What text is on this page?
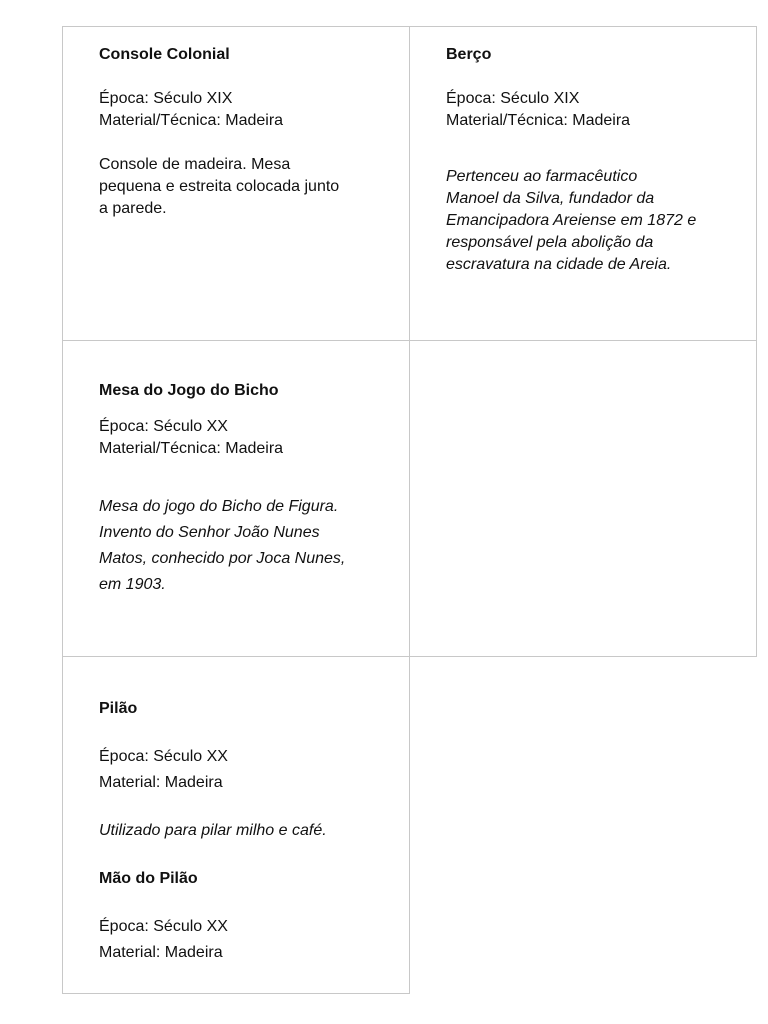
Console Colonial

Época: Século XIX

Material/Técnica: Madeira

Console de madeira. Mesa

pequena e estreita colocada junto

a parede.

Berço

Época: Século XIX

Material/Técnica: Madeira

Pertenceu ao farmacêutico

Manoel da Silva, fundador da

Emancipadora Areiense em 1872 e

responsável pela abolição da

escravatura na cidade de Areia.

Mesa do Jogo do Bicho

Época: Século XX

Material/Técnica: Madeira

Mesa do jogo do Bicho de Figura.

Invento do Senhor João Nunes

Matos, conhecido por Joca Nunes,

em 1903.

Pilão

Época: Século XX

Material: Madeira

Utilizado para pilar milho e café.

Mão do Pilão

Época: Século XX

Material: Madeira
